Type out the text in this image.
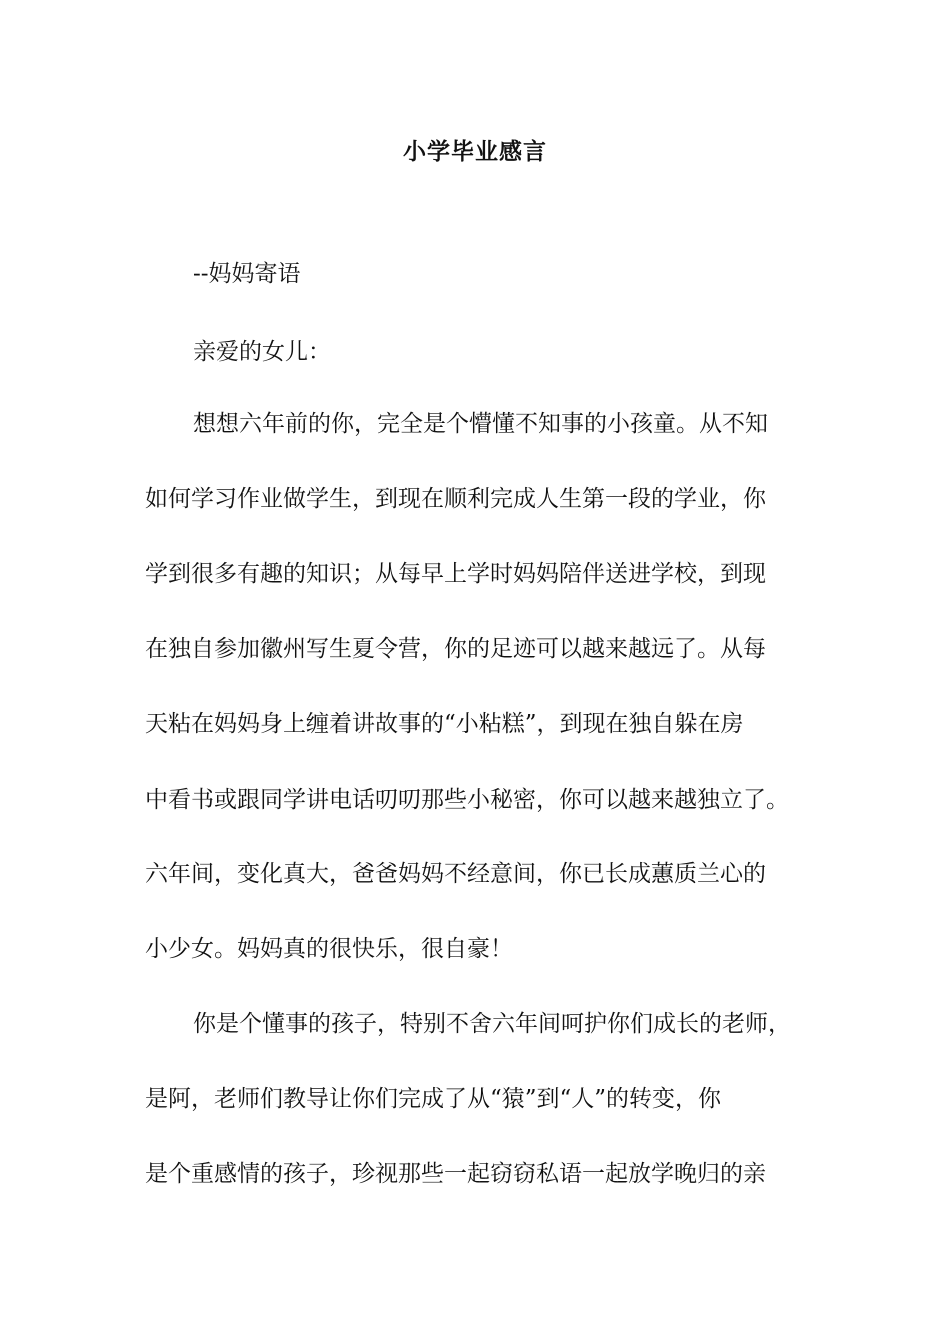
小学毕业感言

--妈妈寄语

亲爱的女儿：

想想六年前的你，完全是个懵懂不知事的小孩童。从不知

如何学习作业做学生，到现在顺利完成人生第一段的学业，你

学到很多有趣的知识；从每早上学时妈妈陪伴送进学校，到现

在独自参加徽州写生夏令营，你的足迹可以越来越远了。从每

天粘在妈妈身上缠着讲故事的“小粘糕”，到现在独自躲在房

中看书或跟同学讲电话叨叨那些小秘密，你可以越来越独立了。

六年间，变化真大，爸爸妈妈不经意间，你已长成蕙质兰心的

小少女。妈妈真的很快乐，很自豪！

你是个懂事的孩子，特别不舍六年间呵护你们成长的老师，

是阿，老师们教导让你们完成了从“猿”到“人”的转变，你

是个重感情的孩子，珍视那些一起窃窃私语一起放学晚归的亲
